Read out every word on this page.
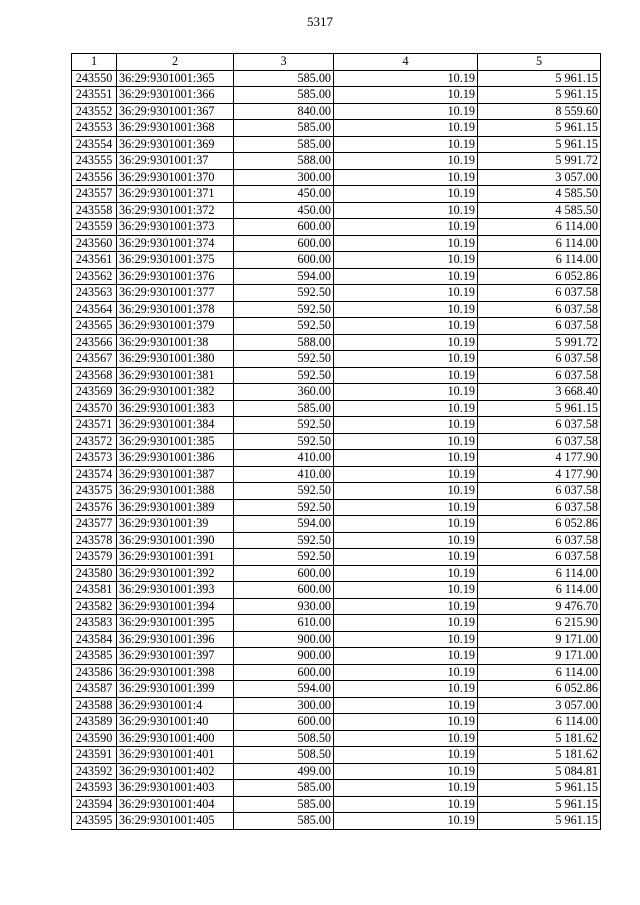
5317
1	2	3	4	5
243550	36:29:9301001:365	585.00	10.19	5 961.15
243551	36:29:9301001:366	585.00	10.19	5 961.15
243552	36:29:9301001:367	840.00	10.19	8 559.60
243553	36:29:9301001:368	585.00	10.19	5 961.15
243554	36:29:9301001:369	585.00	10.19	5 961.15
243555	36:29:9301001:37	588.00	10.19	5 991.72
243556	36:29:9301001:370	300.00	10.19	3 057.00
243557	36:29:9301001:371	450.00	10.19	4 585.50
243558	36:29:9301001:372	450.00	10.19	4 585.50
243559	36:29:9301001:373	600.00	10.19	6 114.00
243560	36:29:9301001:374	600.00	10.19	6 114.00
243561	36:29:9301001:375	600.00	10.19	6 114.00
243562	36:29:9301001:376	594.00	10.19	6 052.86
243563	36:29:9301001:377	592.50	10.19	6 037.58
243564	36:29:9301001:378	592.50	10.19	6 037.58
243565	36:29:9301001:379	592.50	10.19	6 037.58
243566	36:29:9301001:38	588.00	10.19	5 991.72
243567	36:29:9301001:380	592.50	10.19	6 037.58
243568	36:29:9301001:381	592.50	10.19	6 037.58
243569	36:29:9301001:382	360.00	10.19	3 668.40
243570	36:29:9301001:383	585.00	10.19	5 961.15
243571	36:29:9301001:384	592.50	10.19	6 037.58
243572	36:29:9301001:385	592.50	10.19	6 037.58
243573	36:29:9301001:386	410.00	10.19	4 177.90
243574	36:29:9301001:387	410.00	10.19	4 177.90
243575	36:29:9301001:388	592.50	10.19	6 037.58
243576	36:29:9301001:389	592.50	10.19	6 037.58
243577	36:29:9301001:39	594.00	10.19	6 052.86
243578	36:29:9301001:390	592.50	10.19	6 037.58
243579	36:29:9301001:391	592.50	10.19	6 037.58
243580	36:29:9301001:392	600.00	10.19	6 114.00
243581	36:29:9301001:393	600.00	10.19	6 114.00
243582	36:29:9301001:394	930.00	10.19	9 476.70
243583	36:29:9301001:395	610.00	10.19	6 215.90
243584	36:29:9301001:396	900.00	10.19	9 171.00
243585	36:29:9301001:397	900.00	10.19	9 171.00
243586	36:29:9301001:398	600.00	10.19	6 114.00
243587	36:29:9301001:399	594.00	10.19	6 052.86
243588	36:29:9301001:4	300.00	10.19	3 057.00
243589	36:29:9301001:40	600.00	10.19	6 114.00
243590	36:29:9301001:400	508.50	10.19	5 181.62
243591	36:29:9301001:401	508.50	10.19	5 181.62
243592	36:29:9301001:402	499.00	10.19	5 084.81
243593	36:29:9301001:403	585.00	10.19	5 961.15
243594	36:29:9301001:404	585.00	10.19	5 961.15
243595	36:29:9301001:405	585.00	10.19	5 961.15
